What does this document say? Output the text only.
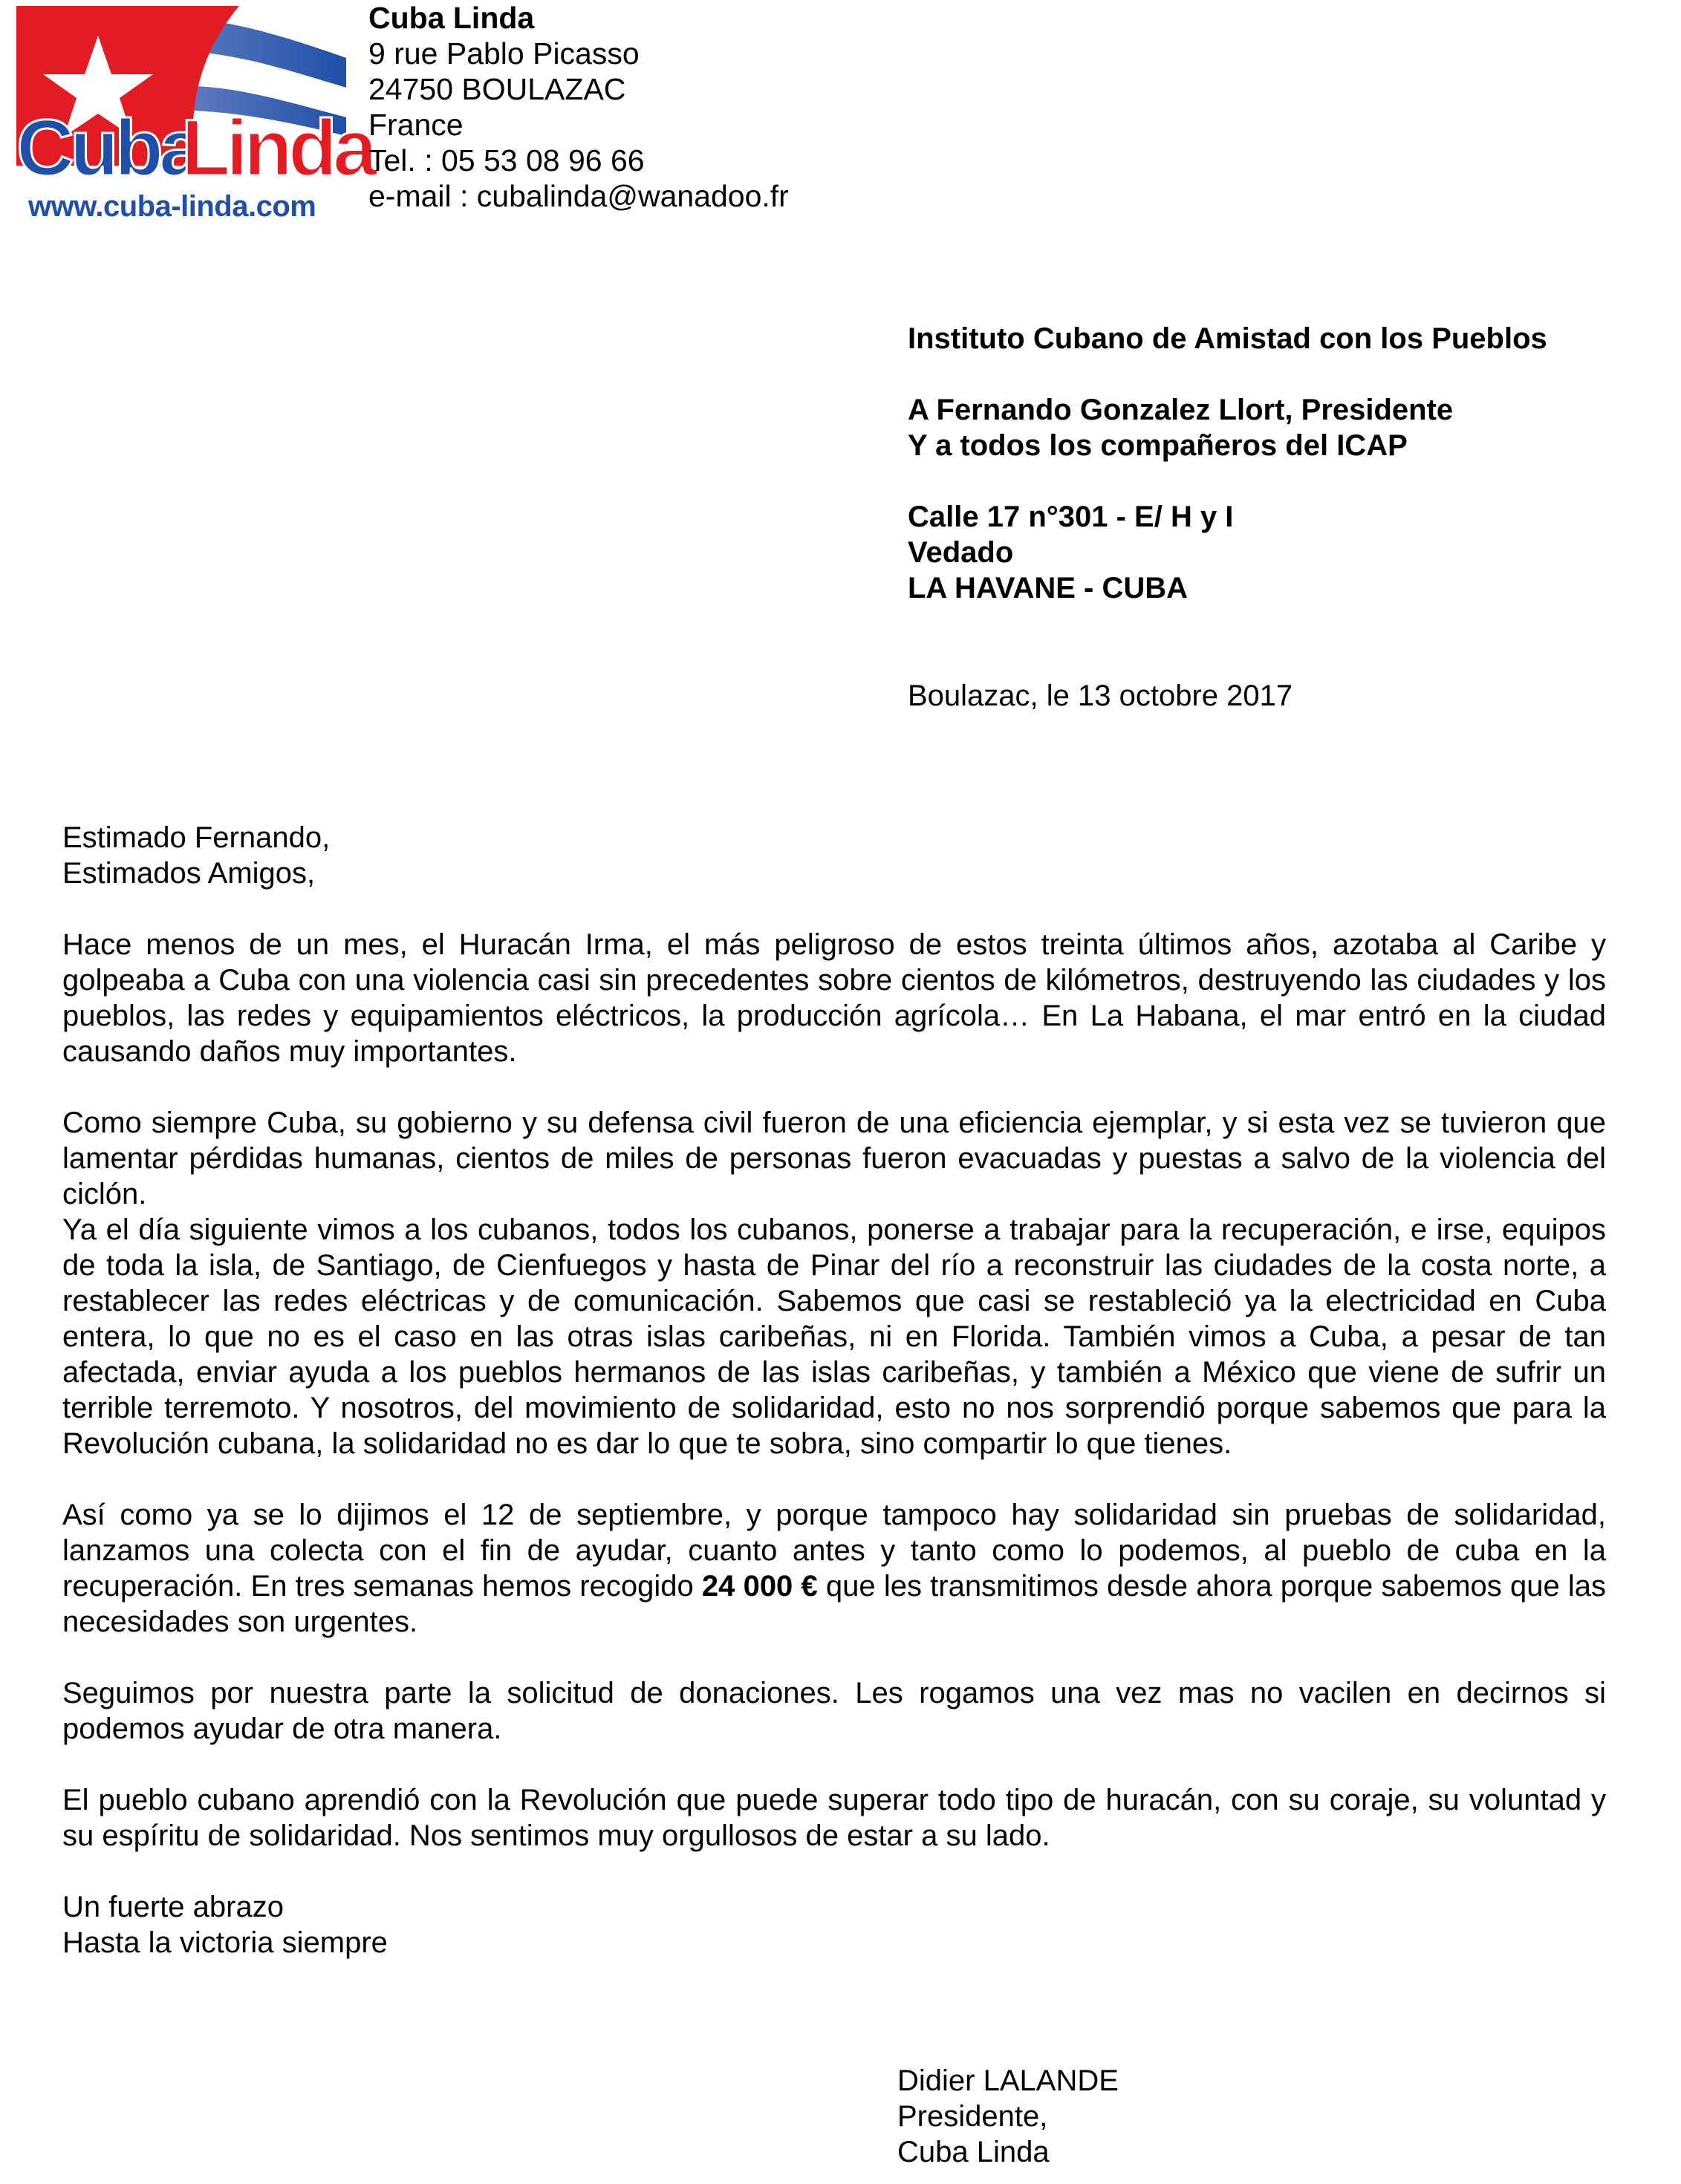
Cuba
Linda
www.cuba-linda.com
Cuba Linda
9 rue Pablo Picasso
24750 BOULAZAC
France
Tel. : 05 53 08 96 66
e-mail : cubalinda@wanadoo.fr
Instituto Cubano de Amistad con los Pueblos
A Fernando Gonzalez Llort, Presidente
Y a todos los compañeros del ICAP
Calle 17 n°301 - E/ H y I
Vedado
LA HAVANE - CUBA
Boulazac, le 13 octobre 2017
Estimado Fernando,
Estimados Amigos,

Hace menos de un mes, el Huracán Irma, el más peligroso de estos treinta últimos años, azotaba al Caribe y golpeaba a Cuba con una violencia casi sin precedentes sobre cientos de kilómetros, destruyendo las ciudades y los pueblos, las redes y equipamientos eléctricos, la producción agrícola… En La Habana, el mar entró en la ciudad causando daños muy importantes.

Como siempre Cuba, su gobierno y su defensa civil fueron de una eficiencia ejemplar, y si esta vez se tuvieron que lamentar pérdidas humanas, cientos de miles de personas fueron evacuadas y puestas a salvo de la violencia del ciclón.

Ya el día siguiente vimos a los cubanos, todos los cubanos, ponerse a trabajar para la recuperación, e irse, equipos de toda la isla, de Santiago, de Cienfuegos y hasta de Pinar del río a reconstruir las ciudades de la costa norte, a restablecer las redes eléctricas y de comunicación. Sabemos que casi se restableció ya la electricidad en Cuba entera, lo que no es el caso en las otras islas caribeñas, ni en Florida. También vimos a Cuba, a pesar de tan afectada, enviar ayuda a los pueblos hermanos de las islas caribeñas, y también a México que viene de sufrir un terrible terremoto. Y nosotros, del movimiento de solidaridad, esto no nos sorprendió porque sabemos que para la Revolución cubana, la solidaridad no es dar lo que te sobra, sino compartir lo que tienes.

Así como ya se lo dijimos el 12 de septiembre, y porque tampoco hay solidaridad sin pruebas de solidaridad, lanzamos una colecta con el fin de ayudar, cuanto antes y tanto como lo podemos, al pueblo de cuba en la recuperación. En tres semanas hemos recogido 24 000 € que les transmitimos desde ahora porque sabemos que las necesidades son urgentes.

Seguimos por nuestra parte la solicitud de donaciones. Les rogamos una vez mas no vacilen en decirnos si podemos ayudar de otra manera.

El pueblo cubano aprendió con la Revolución que puede superar todo tipo de huracán, con su coraje, su voluntad y su espíritu de solidaridad. Nos sentimos muy orgullosos de estar a su lado.

Un fuerte abrazo
Hasta la victoria siempre
Didier LALANDE
Presidente,
Cuba Linda
